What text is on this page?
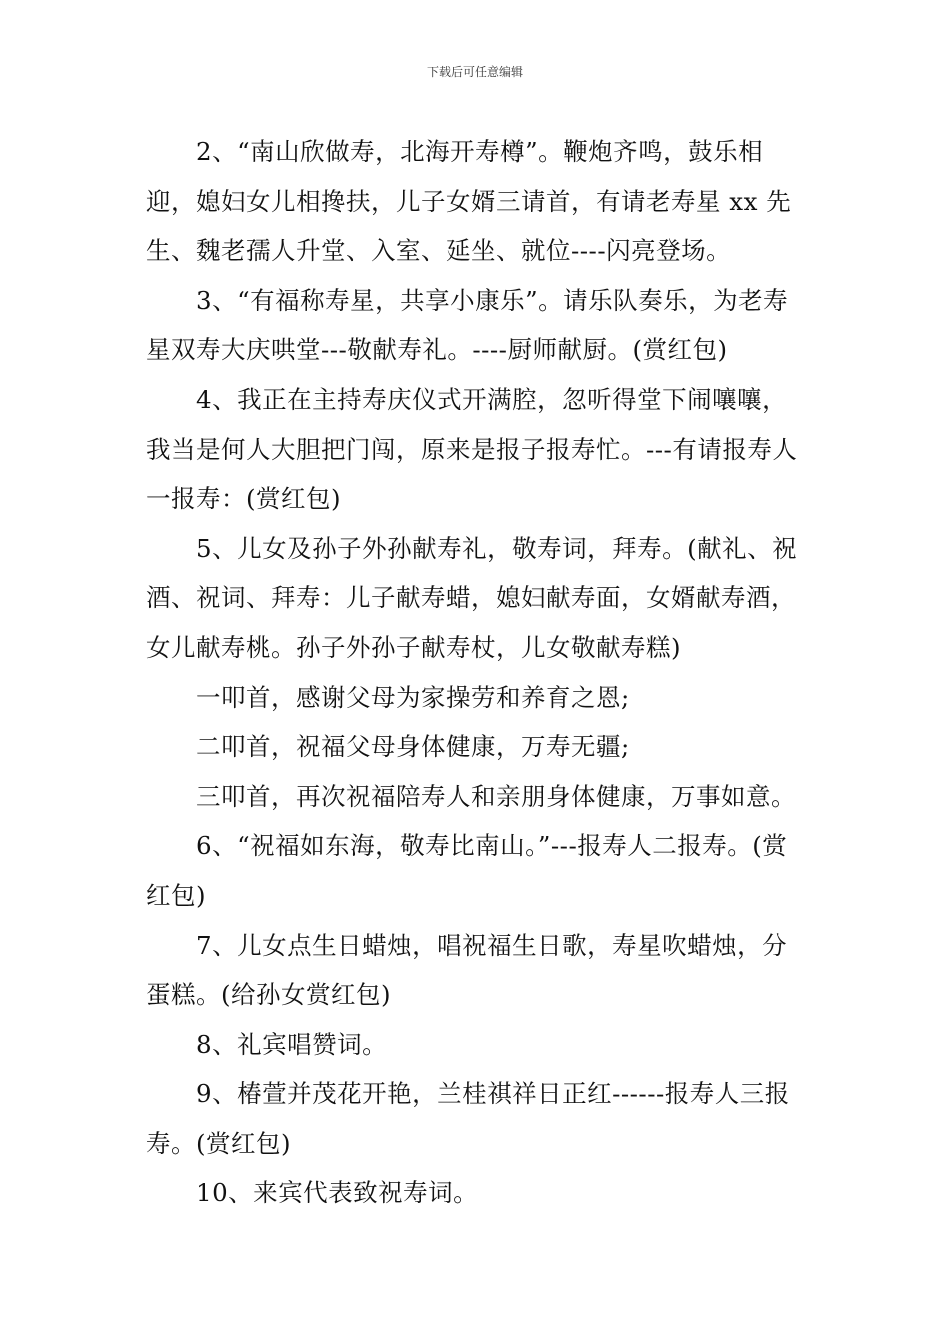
下载后可任意编辑

2、“南山欣做寿，北海开寿樽”。鞭炮齐鸣，鼓乐相迎，媳妇女儿相搀扶，儿子女婿三请首，有请老寿星 xx 先生、魏老孺人升堂、入室、延坐、就位----闪亮登场。

3、“有福称寿星，共享小康乐”。请乐队奏乐，为老寿星双寿大庆哄堂---敬献寿礼。----厨师献厨。(赏红包)

4、我正在主持寿庆仪式开满腔，忽听得堂下闹嚷嚷，我当是何人大胆把门闯，原来是报子报寿忙。---有请报寿人一报寿：(赏红包)

5、儿女及孙子外孙献寿礼，敬寿词，拜寿。(献礼、祝酒、祝词、拜寿：儿子献寿蜡，媳妇献寿面，女婿献寿酒，女儿献寿桃。孙子外孙子献寿杖，儿女敬献寿糕)

一叩首，感谢父母为家操劳和养育之恩;

二叩首，祝福父母身体健康，万寿无疆;

三叩首，再次祝福陪寿人和亲朋身体健康，万事如意。

6、“祝福如东海，敬寿比南山。”---报寿人二报寿。(赏红包)

7、儿女点生日蜡烛，唱祝福生日歌，寿星吹蜡烛，分蛋糕。(给孙女赏红包)

8、礼宾唱赞词。

9、椿萱并茂花开艳，兰桂祺祥日正红------报寿人三报寿。(赏红包)

10、来宾代表致祝寿词。
